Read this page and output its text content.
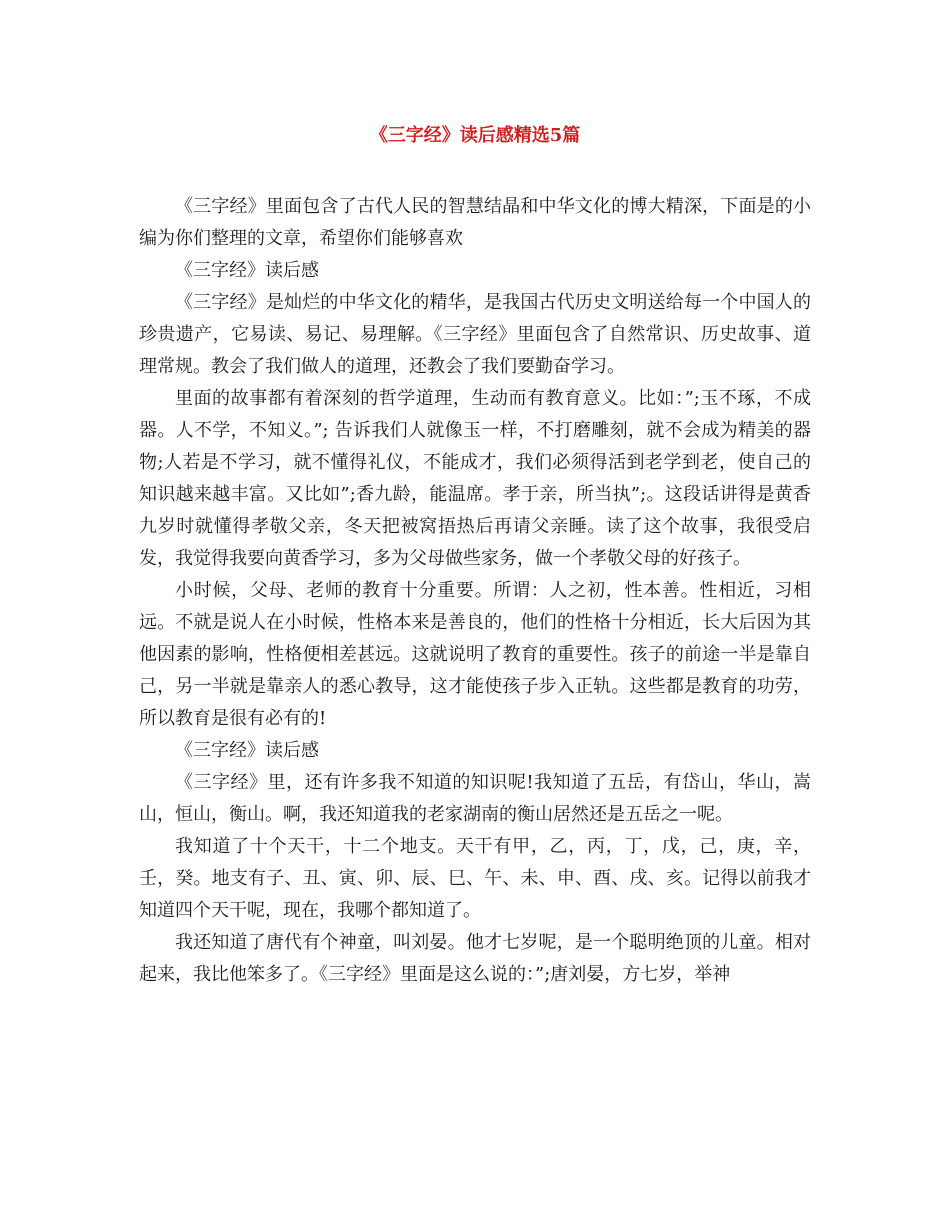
《三字经》读后感精选5篇

《三字经》里面包含了古代人民的智慧结晶和中华文化的博大精深，下面是的小编为你们整理的文章，希望你们能够喜欢

《三字经》读后感

《三字经》是灿烂的中华文化的精华，是我国古代历史文明送给每一个中国人的珍贵遗产，它易读、易记、易理解。《三字经》里面包含了自然常识、历史故事、道理常规。教会了我们做人的道理，还教会了我们要勤奋学习。

里面的故事都有着深刻的哲学道理，生动而有教育意义。比如：”;玉不琢，不成器。人不学，不知义。”; 告诉我们人就像玉一样，不打磨雕刻，就不会成为精美的器物;人若是不学习，就不懂得礼仪，不能成才，我们必须得活到老学到老，使自己的知识越来越丰富。又比如”;香九龄，能温席。孝于亲，所当执”;。这段话讲得是黄香九岁时就懂得孝敬父亲，冬天把被窝捂热后再请父亲睡。读了这个故事，我很受启发，我觉得我要向黄香学习，多为父母做些家务，做一个孝敬父母的好孩子。

小时候，父母、老师的教育十分重要。所谓：人之初，性本善。性相近，习相远。不就是说人在小时候，性格本来是善良的，他们的性格十分相近，长大后因为其他因素的影响，性格便相差甚远。这就说明了教育的重要性。孩子的前途一半是靠自己，另一半就是靠亲人的悉心教导，这才能使孩子步入正轨。这些都是教育的功劳，所以教育是很有必有的!

《三字经》读后感

《三字经》里，还有许多我不知道的知识呢!我知道了五岳，有岱山，华山，嵩山，恒山，衡山。啊，我还知道我的老家湖南的衡山居然还是五岳之一呢。

我知道了十个天干，十二个地支。天干有甲，乙，丙，丁，戊，己，庚，辛，壬，癸。地支有子、丑、寅、卯、辰、巳、午、未、申、酉、戌、亥。记得以前我才知道四个天干呢，现在，我哪个都知道了。

我还知道了唐代有个神童，叫刘晏。他才七岁呢，是一个聪明绝顶的儿童。相对起来，我比他笨多了。《三字经》里面是这么说的：”;唐刘晏，方七岁，举神
